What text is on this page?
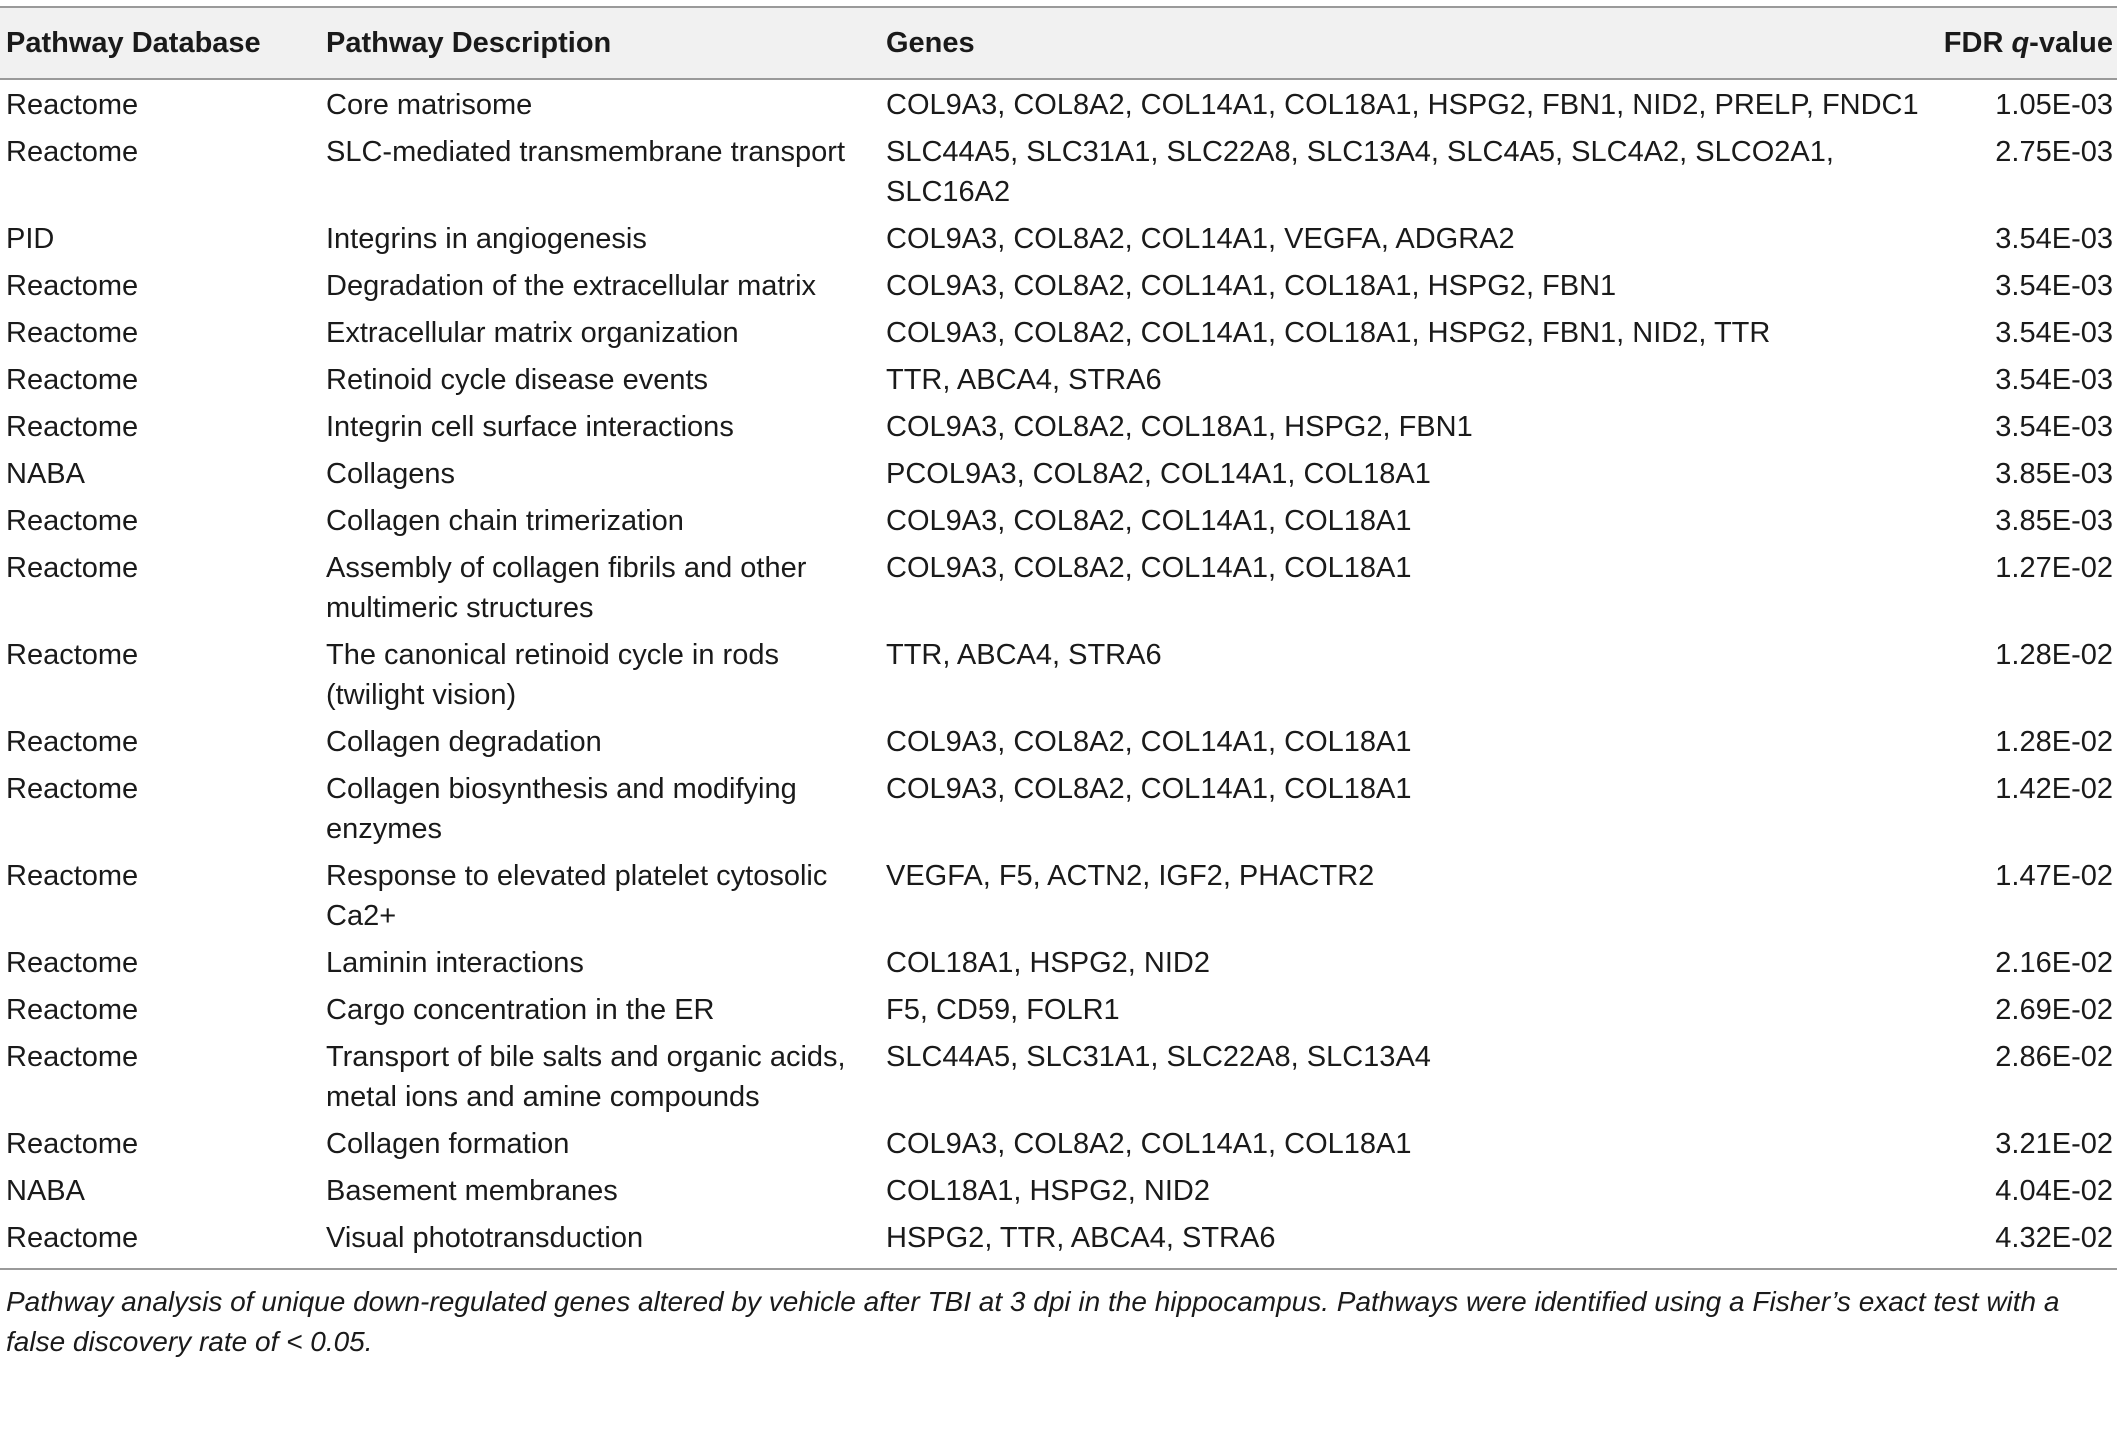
Pathway Database	Pathway Description	Genes	FDR q-value
Reactome	Core matrisome	COL9A3, COL8A2, COL14A1, COL18A1, HSPG2, FBN1, NID2, PRELP, FNDC1	1.05E-03
Reactome	SLC-mediated transmembrane transport	SLC44A5, SLC31A1, SLC22A8, SLC13A4, SLC4A5, SLC4A2, SLCO2A1, SLC16A2	2.75E-03
PID	Integrins in angiogenesis	COL9A3, COL8A2, COL14A1, VEGFA, ADGRA2	3.54E-03
Reactome	Degradation of the extracellular matrix	COL9A3, COL8A2, COL14A1, COL18A1, HSPG2, FBN1	3.54E-03
Reactome	Extracellular matrix organization	COL9A3, COL8A2, COL14A1, COL18A1, HSPG2, FBN1, NID2, TTR	3.54E-03
Reactome	Retinoid cycle disease events	TTR, ABCA4, STRA6	3.54E-03
Reactome	Integrin cell surface interactions	COL9A3, COL8A2, COL18A1, HSPG2, FBN1	3.54E-03
NABA	Collagens	PCOL9A3, COL8A2, COL14A1, COL18A1	3.85E-03
Reactome	Collagen chain trimerization	COL9A3, COL8A2, COL14A1, COL18A1	3.85E-03
Reactome	Assembly of collagen fibrils and other multimeric structures	COL9A3, COL8A2, COL14A1, COL18A1	1.27E-02
Reactome	The canonical retinoid cycle in rods (twilight vision)	TTR, ABCA4, STRA6	1.28E-02
Reactome	Collagen degradation	COL9A3, COL8A2, COL14A1, COL18A1	1.28E-02
Reactome	Collagen biosynthesis and modifying enzymes	COL9A3, COL8A2, COL14A1, COL18A1	1.42E-02
Reactome	Response to elevated platelet cytosolic Ca2+	VEGFA, F5, ACTN2, IGF2, PHACTR2	1.47E-02
Reactome	Laminin interactions	COL18A1, HSPG2, NID2	2.16E-02
Reactome	Cargo concentration in the ER	F5, CD59, FOLR1	2.69E-02
Reactome	Transport of bile salts and organic acids, metal ions and amine compounds	SLC44A5, SLC31A1, SLC22A8, SLC13A4	2.86E-02
Reactome	Collagen formation	COL9A3, COL8A2, COL14A1, COL18A1	3.21E-02
NABA	Basement membranes	COL18A1, HSPG2, NID2	4.04E-02
Reactome	Visual phototransduction	HSPG2, TTR, ABCA4, STRA6	4.32E-02
Pathway analysis of unique down-regulated genes altered by vehicle after TBI at 3 dpi in the hippocampus. Pathways were identified using a Fisher’s exact test with a false discovery rate of < 0.05.
